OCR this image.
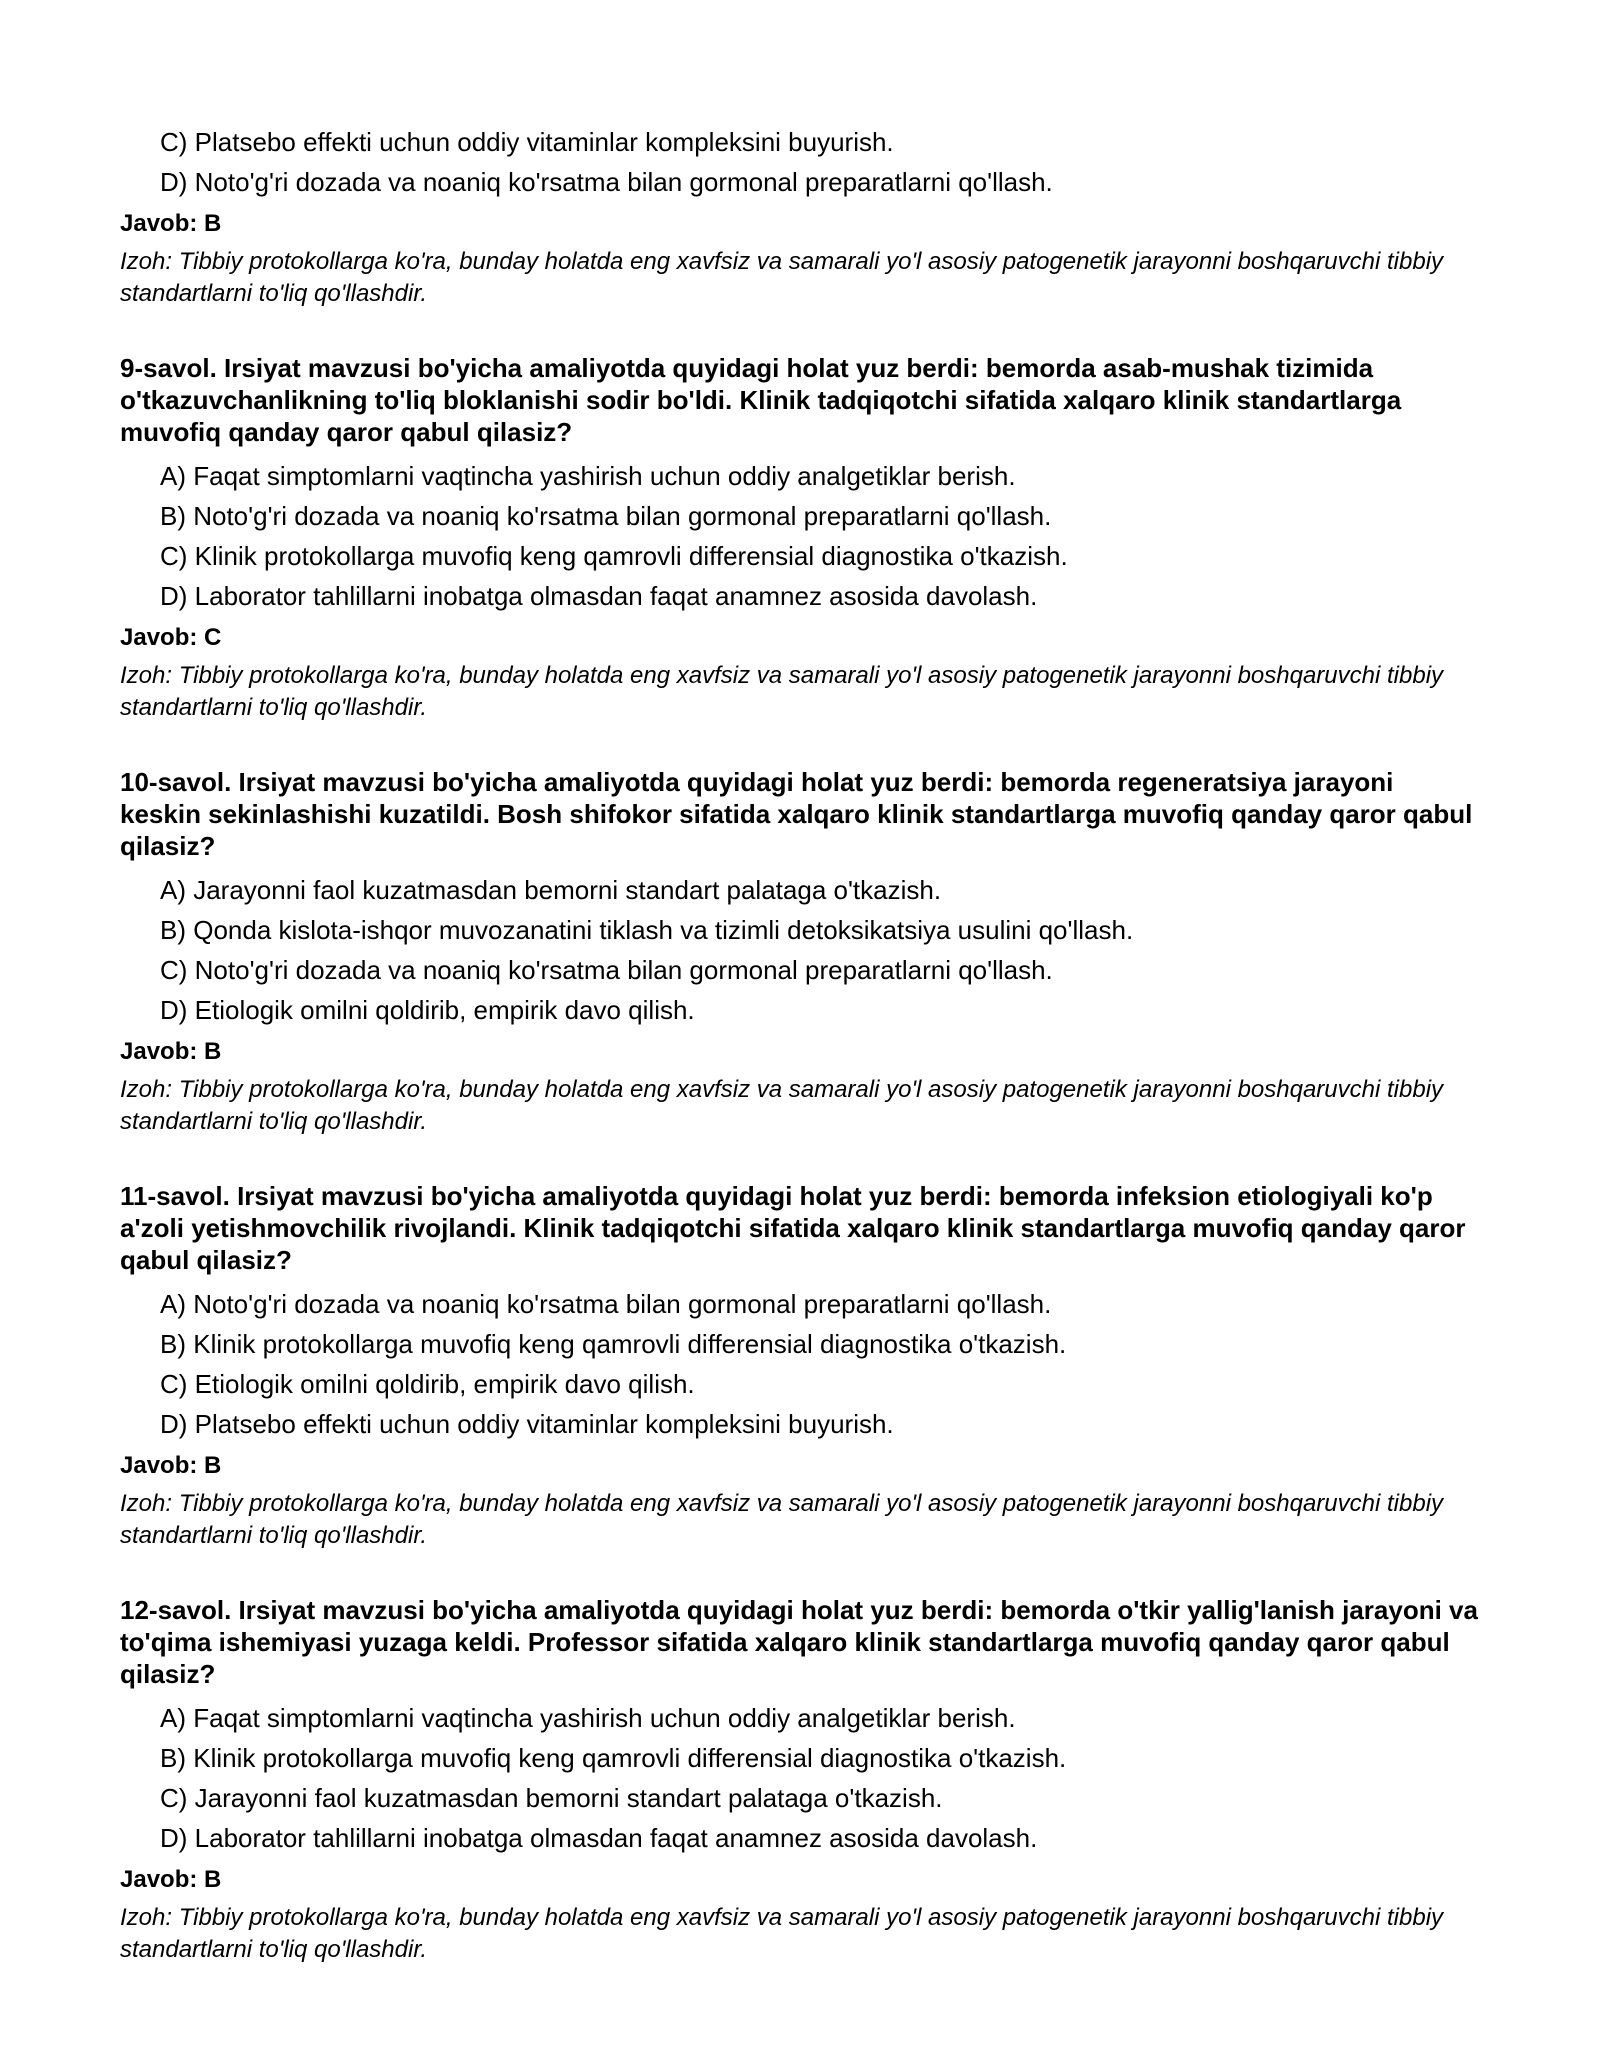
C) Platsebo effekti uchun oddiy vitaminlar kompleksini buyurish.
D) Noto'g'ri dozada va noaniq ko'rsatma bilan gormonal preparatlarni qo'llash.
Javob: B
Izoh: Tibbiy protokollarga ko'ra, bunday holatda eng xavfsiz va samarali yo'l asosiy patogenetik jarayonni boshqaruvchi tibbiy standartlarni to'liq qo'llashdir.
9-savol. Irsiyat mavzusi bo'yicha amaliyotda quyidagi holat yuz berdi: bemorda asab-mushak tizimida o'tkazuvchanlikning to'liq bloklanishi sodir bo'ldi. Klinik tadqiqotchi sifatida xalqaro klinik standartlarga muvofiq qanday qaror qabul qilasiz?
A) Faqat simptomlarni vaqtincha yashirish uchun oddiy analgetiklar berish.
B) Noto'g'ri dozada va noaniq ko'rsatma bilan gormonal preparatlarni qo'llash.
C) Klinik protokollarga muvofiq keng qamrovli differensial diagnostika o'tkazish.
D) Laborator tahlillarni inobatga olmasdan faqat anamnez asosida davolash.
Javob: C
Izoh: Tibbiy protokollarga ko'ra, bunday holatda eng xavfsiz va samarali yo'l asosiy patogenetik jarayonni boshqaruvchi tibbiy standartlarni to'liq qo'llashdir.
10-savol. Irsiyat mavzusi bo'yicha amaliyotda quyidagi holat yuz berdi: bemorda regeneratsiya jarayoni keskin sekinlashishi kuzatildi. Bosh shifokor sifatida xalqaro klinik standartlarga muvofiq qanday qaror qabul qilasiz?
A) Jarayonni faol kuzatmasdan bemorni standart palataga o'tkazish.
B) Qonda kislota-ishqor muvozanatini tiklash va tizimli detoksikatsiya usulini qo'llash.
C) Noto'g'ri dozada va noaniq ko'rsatma bilan gormonal preparatlarni qo'llash.
D) Etiologik omilni qoldirib, empirik davo qilish.
Javob: B
Izoh: Tibbiy protokollarga ko'ra, bunday holatda eng xavfsiz va samarali yo'l asosiy patogenetik jarayonni boshqaruvchi tibbiy standartlarni to'liq qo'llashdir.
11-savol. Irsiyat mavzusi bo'yicha amaliyotda quyidagi holat yuz berdi: bemorda infeksion etiologiyali ko'p a'zoli yetishmovchilik rivojlandi. Klinik tadqiqotchi sifatida xalqaro klinik standartlarga muvofiq qanday qaror qabul qilasiz?
A) Noto'g'ri dozada va noaniq ko'rsatma bilan gormonal preparatlarni qo'llash.
B) Klinik protokollarga muvofiq keng qamrovli differensial diagnostika o'tkazish.
C) Etiologik omilni qoldirib, empirik davo qilish.
D) Platsebo effekti uchun oddiy vitaminlar kompleksini buyurish.
Javob: B
Izoh: Tibbiy protokollarga ko'ra, bunday holatda eng xavfsiz va samarali yo'l asosiy patogenetik jarayonni boshqaruvchi tibbiy standartlarni to'liq qo'llashdir.
12-savol. Irsiyat mavzusi bo'yicha amaliyotda quyidagi holat yuz berdi: bemorda o'tkir yallig'lanish jarayoni va to'qima ishemiyasi yuzaga keldi. Professor sifatida xalqaro klinik standartlarga muvofiq qanday qaror qabul qilasiz?
A) Faqat simptomlarni vaqtincha yashirish uchun oddiy analgetiklar berish.
B) Klinik protokollarga muvofiq keng qamrovli differensial diagnostika o'tkazish.
C) Jarayonni faol kuzatmasdan bemorni standart palataga o'tkazish.
D) Laborator tahlillarni inobatga olmasdan faqat anamnez asosida davolash.
Javob: B
Izoh: Tibbiy protokollarga ko'ra, bunday holatda eng xavfsiz va samarali yo'l asosiy patogenetik jarayonni boshqaruvchi tibbiy standartlarni to'liq qo'llashdir.
